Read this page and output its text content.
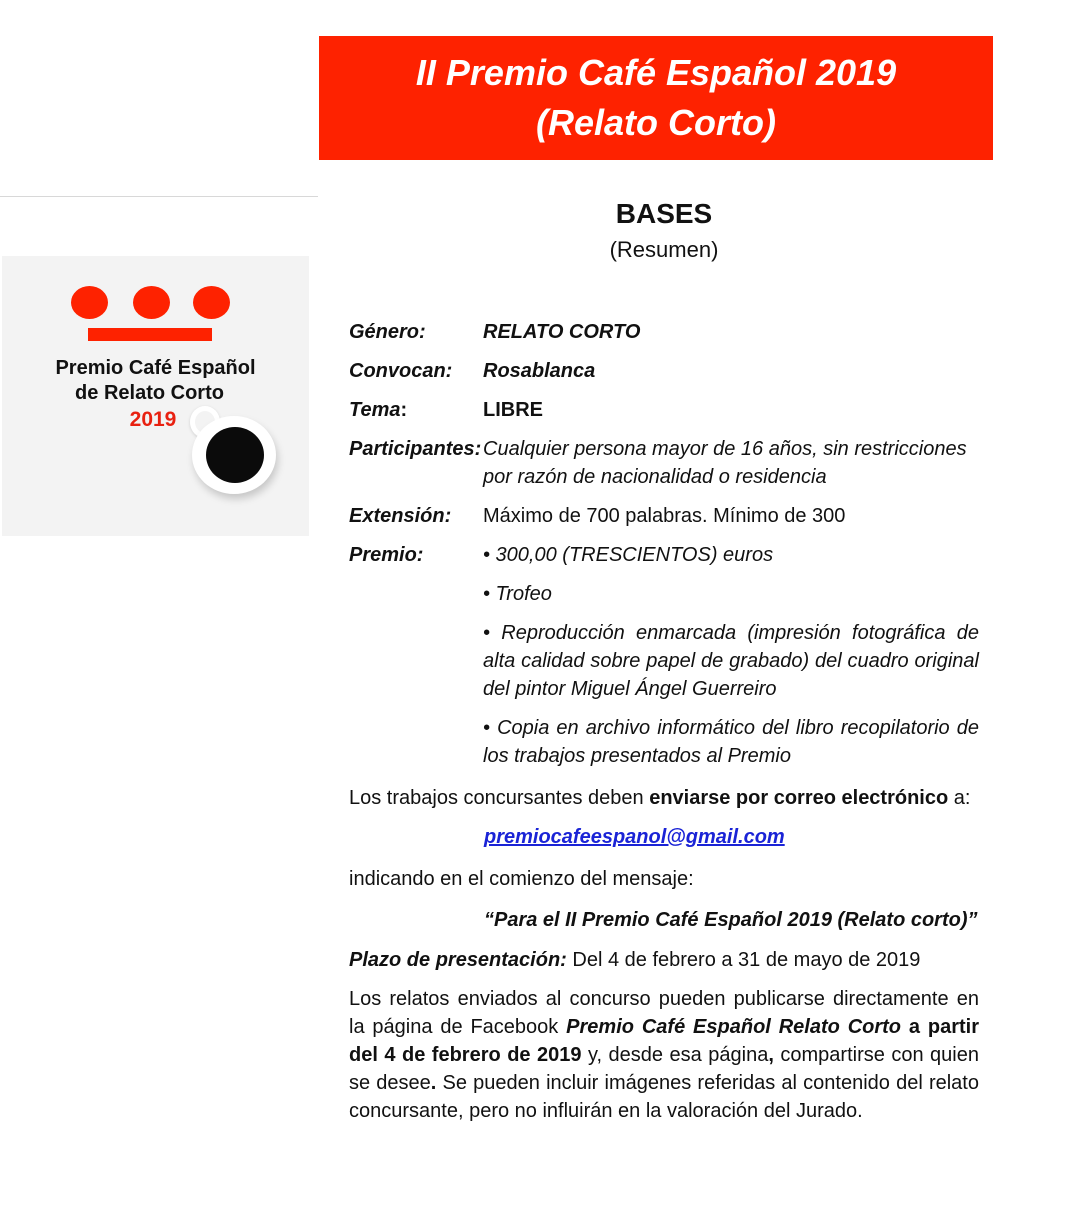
II Premio Café Español 2019
(Relato Corto)
Premio Café Español
de Relato Corto
2019
BASES
(Resumen)
Género:	RELATO CORTO
Convocan:	Rosablanca
Tema:	LIBRE
Participantes: Cualquier persona mayor de 16 años, sin restricciones por razón de nacionalidad o residencia
Extensión:	Máximo de 700 palabras. Mínimo de 300
Premio:	• 300,00 (TRESCIENTOS) euros
• Trofeo
• Reproducción enmarcada (impresión fotográfica de alta calidad sobre papel de grabado) del cuadro original del pintor Miguel Ángel Guerreiro
• Copia en archivo informático del libro recopilatorio de los trabajos presentados al Premio
Los trabajos concursantes deben enviarse por correo electrónico a:
premiocafeespanol@gmail.com
indicando en el comienzo del mensaje:
“Para el II Premio Café Español 2019 (Relato corto)”
Plazo de presentación: Del 4 de febrero a 31 de mayo de 2019
Los relatos enviados al concurso pueden publicarse directamente en la página de Facebook Premio Café Español Relato Corto a partir del 4 de febrero de 2019 y, desde esa página, compartirse con quien se desee. Se pueden incluir imágenes referidas al contenido del relato concursante, pero no influirán en la valoración del Jurado.
